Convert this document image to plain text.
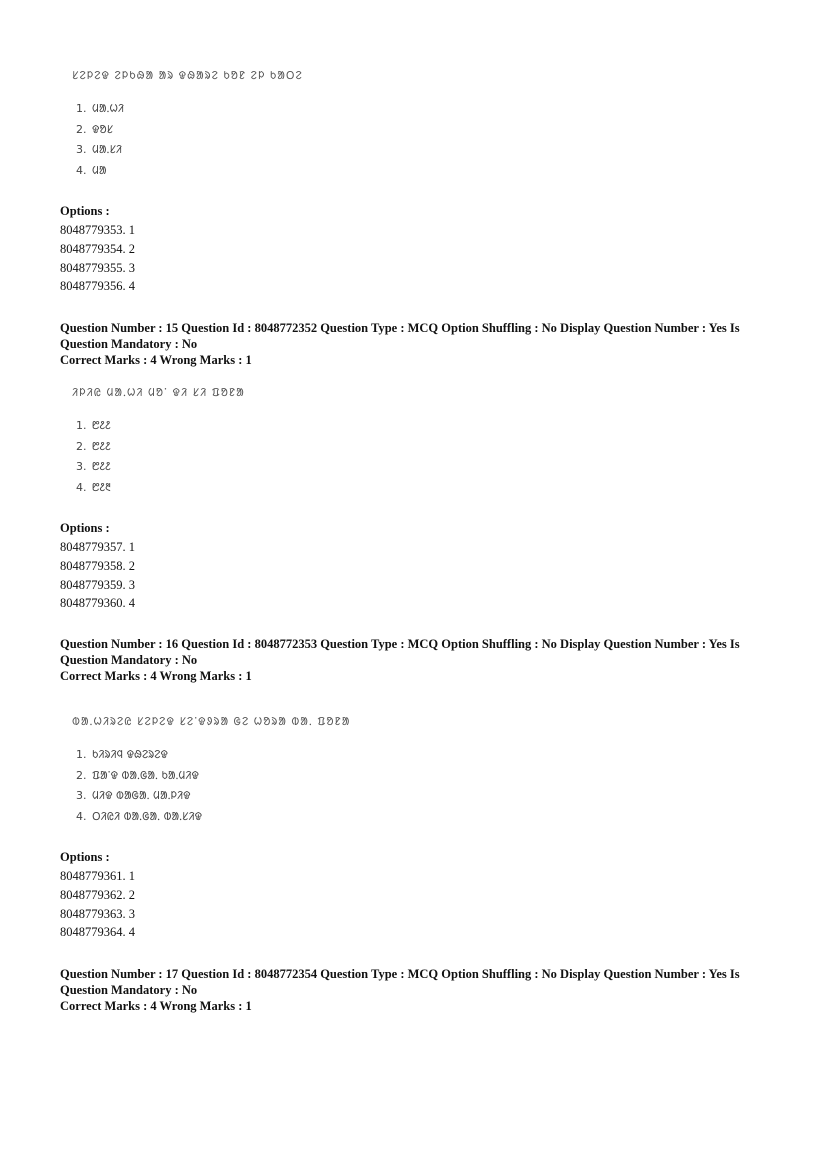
ᱥᱮᱞᱮᱫ ᱮᱞᱠᱷᱟ ᱟᱨ ᱫᱷᱟᱨᱮ ᱠᱚᱱ ᱮᱞ ᱠᱟᱛᱮ
1. ᱢᱟᱹᱦᱤ
2. ᱫᱚᱥ
3. ᱢᱟᱹᱥᱤ
4. ᱢᱟ
Options :
8048779353. 1
8048779354. 2
8048779355. 3
8048779356. 4
Question Number : 15 Question Id : 8048772352 Question Type : MCQ Option Shuffling : No Display Question Number : Yes Is
Question Mandatory : No
Correct Marks : 4 Wrong Marks : 1
ᱤᱞᱤᱭ ᱢᱟᱹᱦᱤ ᱢᱚᱸ ᱫᱤ ᱥᱤ ᱯᱚᱱᱟ
1. ᱘᱒᱒
2. ᱘᱒᱒
3. ᱘᱒᱒
4. ᱘᱒᱓
Options :
8048779357. 1
8048779358. 2
8048779359. 3
8048779360. 4
Question Number : 16 Question Id : 8048772353 Question Type : MCQ Option Shuffling : No Display Question Number : Yes Is
Question Mandatory : No
Correct Marks : 4 Wrong Marks : 1
ᱵᱟᱹᱦᱤᱨᱮᱭ ᱥᱮᱞᱮᱫ ᱥᱮᱸᱫᱽᱨᱟ ᱜᱮ ᱦᱚᱨᱟ ᱵᱟᱹ ᱯᱚᱱᱟ
1. ᱠᱤᱨᱤᱧ ᱫᱷᱮᱨᱮᱫ
2. ᱯᱟᱸᱫ ᱵᱟᱹᱜᱟᱹ ᱠᱟᱹᱢᱤᱫ
3. ᱢᱤᱫ ᱵᱟᱜᱟᱹ ᱢᱟᱹᱞᱤᱫ
4. ᱛᱤᱭᱤ ᱵᱟᱹᱜᱟᱹ ᱵᱟᱹᱥᱤᱫ
Options :
8048779361. 1
8048779362. 2
8048779363. 3
8048779364. 4
Question Number : 17 Question Id : 8048772354 Question Type : MCQ Option Shuffling : No Display Question Number : Yes Is
Question Mandatory : No
Correct Marks : 4 Wrong Marks : 1
